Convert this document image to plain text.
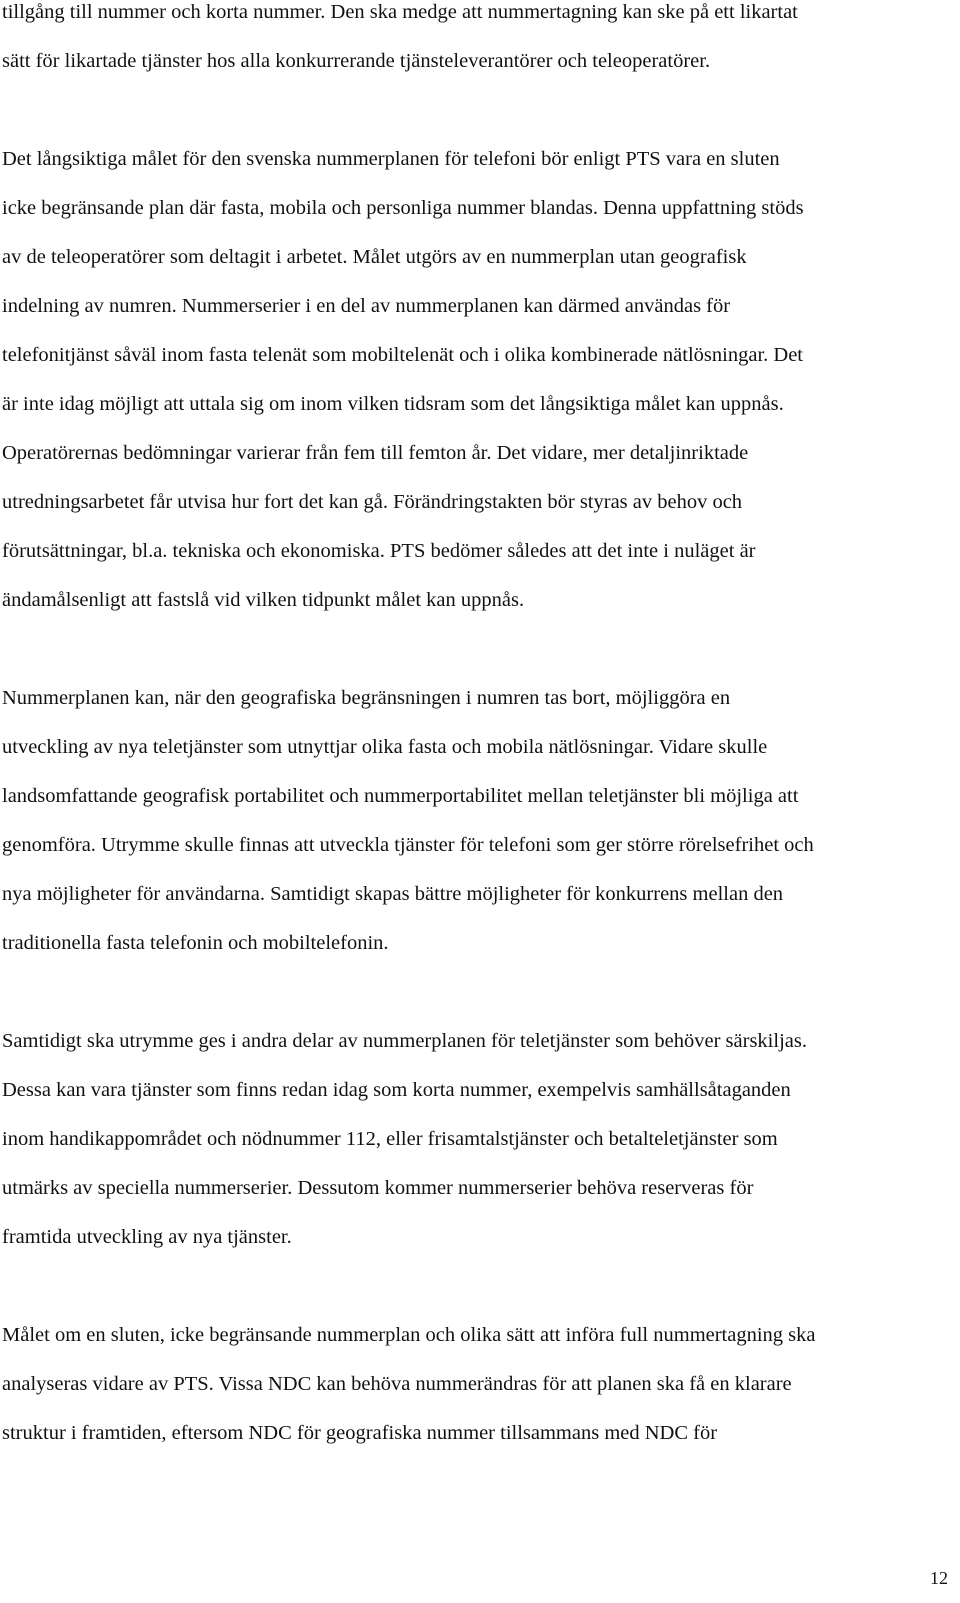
tillgång till nummer och korta nummer. Den ska medge att nummertagning kan ske på ett likartat
sätt för likartade tjänster hos alla konkurrerande tjänsteleverantörer och teleoperatörer.
Det långsiktiga målet för den svenska nummerplanen för telefoni bör enligt PTS vara en sluten
icke begränsande plan där fasta, mobila och personliga nummer blandas. Denna uppfattning stöds
av de teleoperatörer som deltagit i arbetet. Målet utgörs av en nummerplan utan geografisk
indelning av numren. Nummerserier i en del av nummerplanen kan därmed användas för
telefonitjänst såväl inom fasta telenät som mobiltelenät och i olika kombinerade nätlösningar. Det
är inte idag möjligt att uttala sig om inom vilken tidsram som det långsiktiga målet kan uppnås.
Operatörernas bedömningar varierar från fem till femton år. Det vidare, mer detaljinriktade
utredningsarbetet får utvisa hur fort det kan gå. Förändringstakten bör styras av behov och
förutsättningar, bl.a. tekniska och ekonomiska. PTS bedömer således att det inte i nuläget är
ändamålsenligt att fastslå vid vilken tidpunkt målet kan uppnås.
Nummerplanen kan, när den geografiska begränsningen i numren tas bort, möjliggöra en
utveckling av nya teletjänster som utnyttjar olika fasta och mobila nätlösningar. Vidare skulle
landsomfattande geografisk portabilitet och nummerportabilitet mellan teletjänster bli möjliga att
genomföra. Utrymme skulle finnas att utveckla tjänster för telefoni som ger större rörelsefrihet och
nya möjligheter för användarna. Samtidigt skapas bättre möjligheter för konkurrens mellan den
traditionella fasta telefonin och mobiltelefonin.
Samtidigt ska utrymme ges i andra delar av nummerplanen för teletjänster som behöver särskiljas.
Dessa kan vara tjänster som finns redan idag som korta nummer, exempelvis samhällsåtaganden
inom handikappområdet och nödnummer 112, eller frisamtalstjänster och betalteletjänster som
utmärks av speciella nummerserier. Dessutom kommer nummerserier behöva reserveras för
framtida utveckling av nya tjänster.
Målet om en sluten, icke begränsande nummerplan och olika sätt att införa full nummertagning ska
analyseras vidare av PTS. Vissa NDC kan behöva nummerändras för att planen ska få en klarare
struktur i framtiden, eftersom NDC för geografiska nummer tillsammans med NDC för
12
